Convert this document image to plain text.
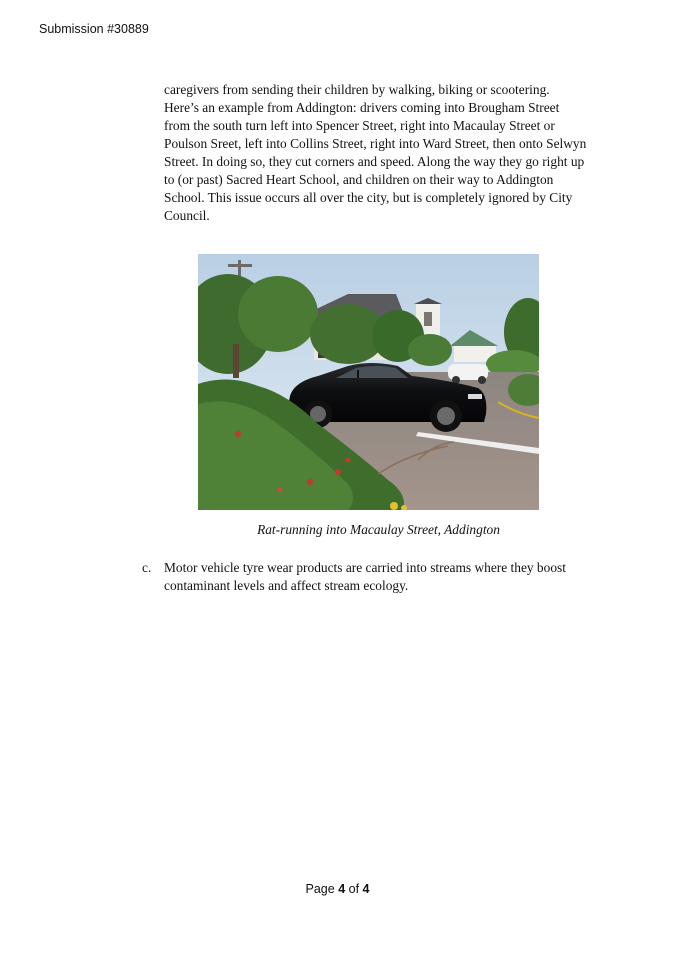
Submission #30889
caregivers from sending their children by walking, biking or scootering.
Here’s an example from Addington: drivers coming into Brougham Street
from the south turn left into Spencer Street, right into Macaulay Street or
Poulson Sreet, left into Collins Street, right into Ward Street, then onto Selwyn
Street. In doing so, they cut corners and speed. Along the way they go right up
to (or past) Sacred Heart School, and children on their way to Addington
School. This issue occurs all over the city, but is completely ignored by City
Council.
Rat-running into Macaulay Street, Addington
c. Motor vehicle tyre wear products are carried into streams where they boost
contaminant levels and affect stream ecology.
Page 4 of 4
